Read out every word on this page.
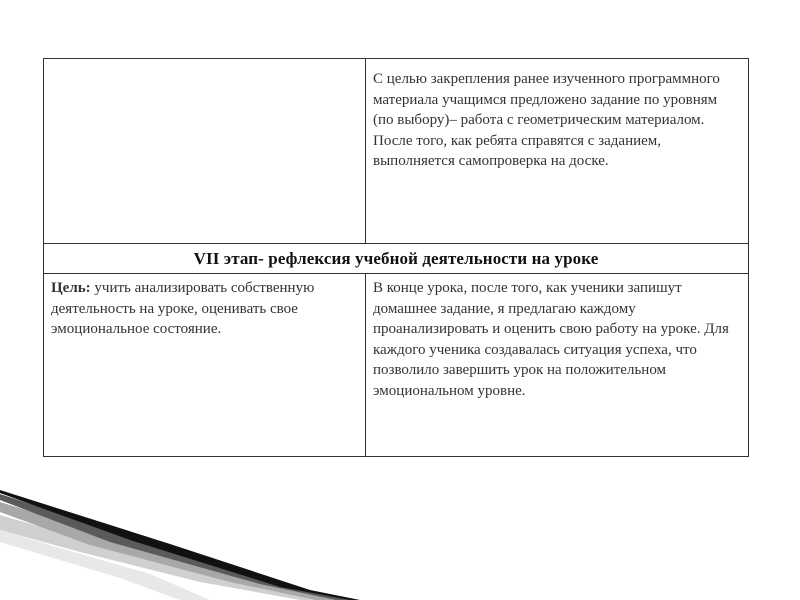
С целью закрепления ранее изученного программного материала учащимся предложено задание по уровням (по выбору)– работа с геометрическим материалом. После того, как ребята справятся с заданием, выполняется самопроверка на доске.
VII этап- рефлексия учебной деятельности на уроке
Цель: учить анализировать собственную деятельность на уроке, оценивать свое эмоциональное состояние.
В конце урока, после того, как ученики запишут домашнее задание, я предлагаю каждому проанализировать и оценить свою работу на уроке. Для каждого ученика создавалась ситуация успеха, что позволило завершить урок на положительном эмоциональном уровне.
